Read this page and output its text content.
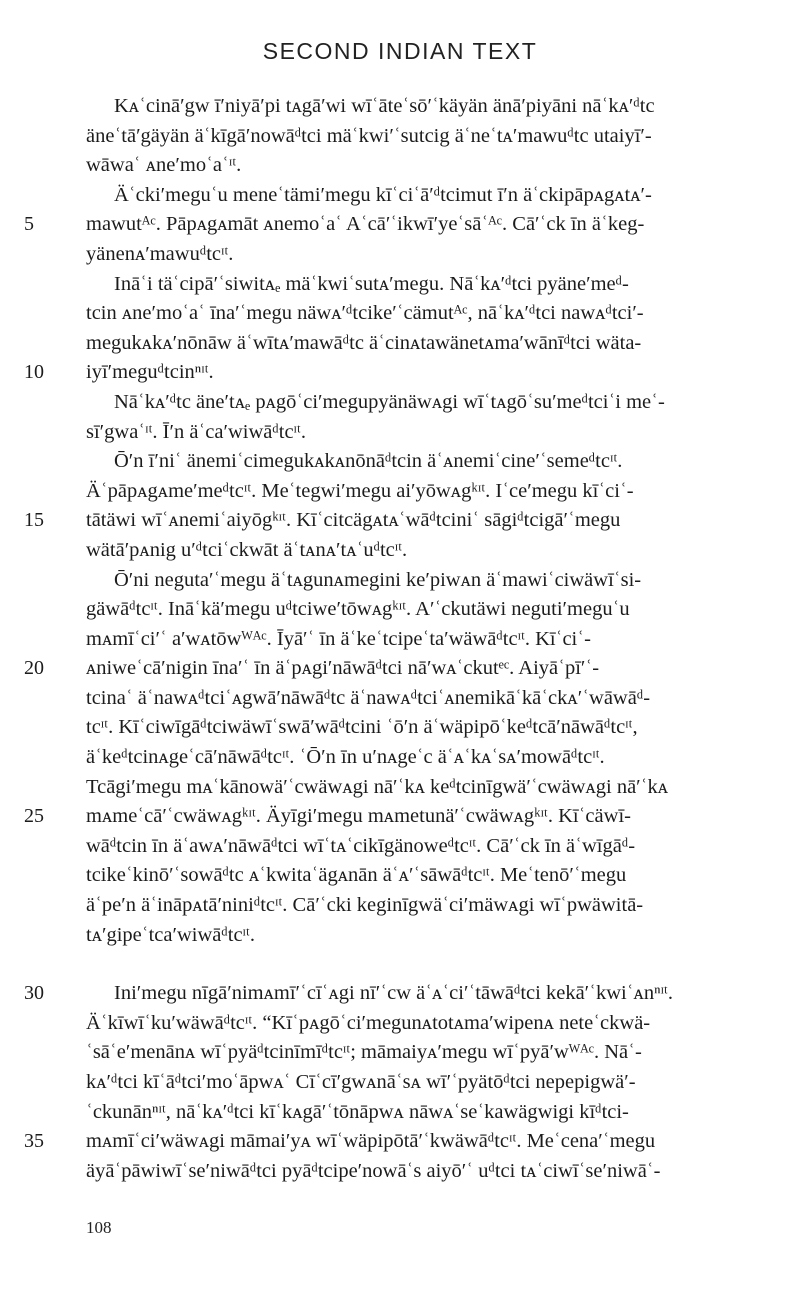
SECOND INDIAN TEXT
Kᴀʿcinā′gw ī′niyā′pi tᴀgā′wi wīʿāteʿsō′ʿkäyän änā′piyāni nāʿkᴀ′ᵈtc
äneʿtā′gäyän äʿkīgā′nowāᵈtci mäʿkwi′ʿsutcig äʿneʿtᴀ′mawuᵈtc utaiyī′-
wāwaʿ ᴀne′moʿaʿᶦᵗ.
Äʿcki′meguʿu meneʿtämi′megu kīʿciʿā′ᵈtcimut ī′n äʿckipāpᴀgᴀtᴀ′-
5	mawutᴬᶜ. Pāpᴀgᴀmāt ᴀnemoʿaʿ Aʿcā′ʿikwī′yeʿsāʿᴬᶜ. Cā′ʿck īn äʿkeg-
yänenᴀ′mawuᵈtcᶦᵗ.
Ināʿi täʿcipā′ʿsiwitᴀₑ mäʿkwiʿsutᴀ′megu. Nāʿkᴀ′ᵈtci pyäne′meᵈ-
tcin ᴀne′moʿaʿ īna′ʿmegu näwᴀ′ᵈtcike′ʿcämutᴬᶜ, nāʿkᴀ′ᵈtci nawᴀᵈtci′-
megukᴀkᴀ′nōnāw äʿwītᴀ′mawāᵈtc äʿcinᴀtawänetᴀma′wānīᵈtci wäta-
10	iyī′meguᵈtcinⁿᶦᵗ.
Nāʿkᴀ′ᵈtc äne′tᴀₑ pᴀgōʿci′megupyänäwᴀgi wīʿtᴀgōʿsu′meᵈtciʿi meʿ-
sī′gwaʿᶦᵗ. Ī′n äʿca′wiwāᵈtcᶦᵗ.
Ō′n ī′niʿ änemiʿcimegukᴀkᴀnōnāᵈtcin äʿᴀnemiʿcine′ʿsemeᵈtcᶦᵗ.
Äʿpāpᴀgᴀme′meᵈtcᶦᵗ. Meʿtegwi′megu ai′yōwᴀgᵏᶦᵗ. Iʿce′megu kīʿciʿ-
15	tātäwi wīʿᴀnemiʿaiyōgᵏᶦᵗ. Kīʿcitcägᴀtᴀʿwāᵈtciniʿ sāgiᵈtcigā′ʿmegu
wätā′pᴀnig u′ᵈtciʿckwāt äʿtᴀnᴀ′tᴀʿuᵈtcᶦᵗ.
Ō′ni neguta′ʿmegu äʿtᴀgunᴀmegini ke′piwᴀn äʿmawiʿciwäwīʿsi-
gäwāᵈtcᶦᵗ. Ināʿkä′megu uᵈtciwe′tōwᴀgᵏᶦᵗ. A′ʿckutäwi neguti′meguʿu
mᴀmīʿci′ʿ a′wᴀtōwᵂᴬᶜ. Īyā′ʿ īn äʿkeʿtcipeʿta′wäwāᵈtcᶦᵗ. Kīʿciʿ-
20	ᴀniweʿcā′nigin īna′ʿ īn äʿpᴀgi′nāwāᵈtci nā′wᴀʿckutᵉᶜ. Aiyāʿpī′ʿ-
tcinaʿ äʿnawᴀᵈtciʿᴀgwā′nāwāᵈtc äʿnawᴀᵈtciʿᴀnemikāʿkāʿckᴀ′ʿwāwāᵈ-
tcᶦᵗ. Kīʿciwīgāᵈtciwäwīʿswā′wāᵈtcini ʿō′n äʿwäpipōʿkeᵈtcā′nāwāᵈtcᶦᵗ,
äʿkeᵈtcinᴀgeʿcā′nāwāᵈtcᶦᵗ. ʿŌ′n īn u′nᴀgeʿc äʿᴀʿkᴀʿsᴀ′mowāᵈtcᶦᵗ.
Tcāgi′megu mᴀʿkānowä′ʿcwäwᴀgi nā′ʿkᴀ keᵈtcinīgwä′ʿcwäwᴀgi nā′ʿkᴀ
25	mᴀmeʿcā′ʿcwäwᴀgᵏᶦᵗ. Äyīgi′megu mᴀmetunä′ʿcwäwᴀgᵏᶦᵗ. Kīʿcäwī-
wāᵈtcin īn äʿawᴀ′nāwāᵈtci wīʿtᴀʿcikīgänoweᵈtcᶦᵗ. Cā′ʿck īn äʿwīgāᵈ-
tcikeʿkinō′ʿsowāᵈtc ᴀʿkwitaʿägᴀnān äʿᴀ′ʿsāwāᵈtcᶦᵗ. Meʿtenō′ʿmegu
äʿpe′n äʿināpᴀtā′niniᵈtcᶦᵗ. Cā′ʿcki keginīgwäʿci′mäwᴀgi wīʿpwäwitā-
tᴀ′gipeʿtca′wiwāᵈtcᶦᵗ.
30	Ini′megu nīgā′nimᴀmī′ʿcīʿᴀgi nī′ʿcw äʿᴀʿci′ʿtāwāᵈtci kekā′ʿkwiʿᴀnⁿᶦᵗ.
Äʿkīwīʿku′wäwāᵈtcᶦᵗ. “Kīʿpᴀgōʿci′megunᴀtotᴀma′wipenᴀ neteʿckwä-
ʿsāʿe′menānᴀ wīʿpyäᵈtcinīmīᵈtcᶦᵗ; māmaiyᴀ′megu wīʿpyā′wᵂᴬᶜ. Nāʿ-
kᴀ′ᵈtci kīʿāᵈtci′moʿāpwᴀʿ Cīʿcī′gwᴀnāʿsᴀ wī′ʿpyätōᵈtci nepepigwä′-
ʿckunānⁿᶦᵗ, nāʿkᴀ′ᵈtci kīʿkᴀgā′ʿtōnāpwᴀ nāwᴀʿseʿkawägwigi kīᵈtci-
35	mᴀmīʿci′wäwᴀgi māmai′yᴀ wīʿwäpipōtā′ʿkwäwāᵈtcᶦᵗ. Meʿcena′ʿmegu
äyāʿpāwiwīʿse′niwāᵈtci pyāᵈtcipe′nowāʿs aiyō′ʿ uᵈtci tᴀʿciwīʿse′niwāʿ-
108
